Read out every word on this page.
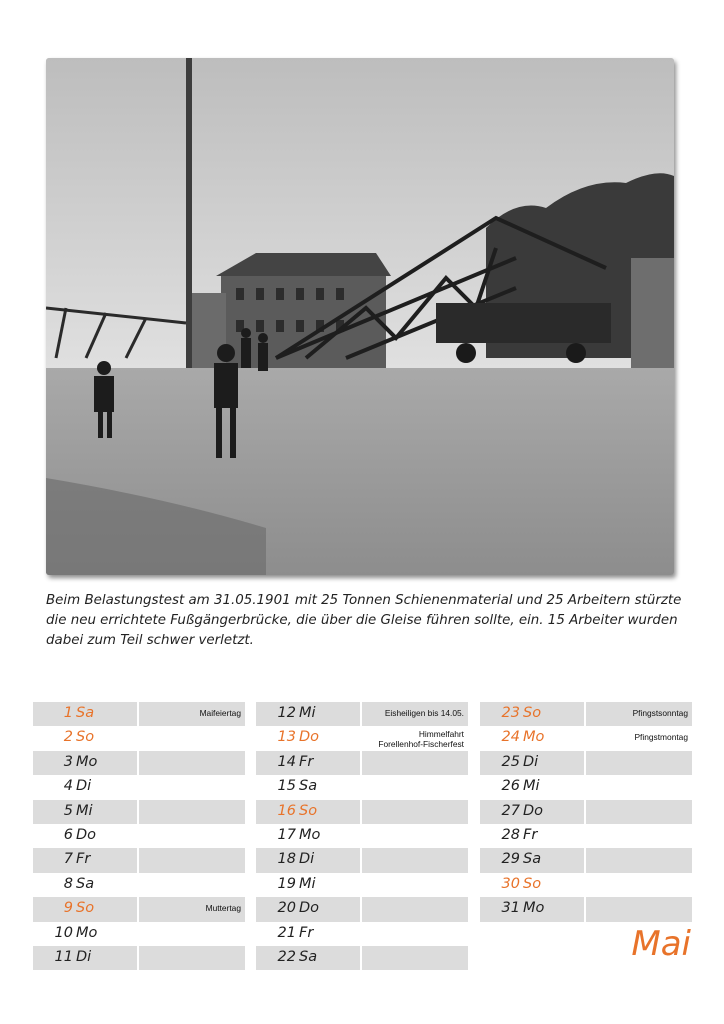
Beim Belastungstest am 31.05.1901 mit 25 Tonnen Schienenmaterial und 25 Arbeitern stürzte
die neu errichtete Fußgängerbrücke, die über die Gleise führen sollte, ein. 15 Arbeiter wurden
dabei zum Teil schwer verletzt.
1 Sa	Maifeiertag
2 So
3 Mo
4 Di
5 Mi
6 Do
7 Fr
8 Sa
9 So	Muttertag
10 Mo
11 Di
12 Mi	Eisheiligen bis 14.05.
13 Do	Himmelfahrt
Forellenhof-Fischerfest
14 Fr
15 Sa
16 So
17 Mo
18 Di
19 Mi
20 Do
21 Fr
22 Sa
23 So	Pfingstsonntag
24 Mo	Pfingstmontag
25 Di
26 Mi
27 Do
28 Fr
29 Sa
30 So
31 Mo
Mai
